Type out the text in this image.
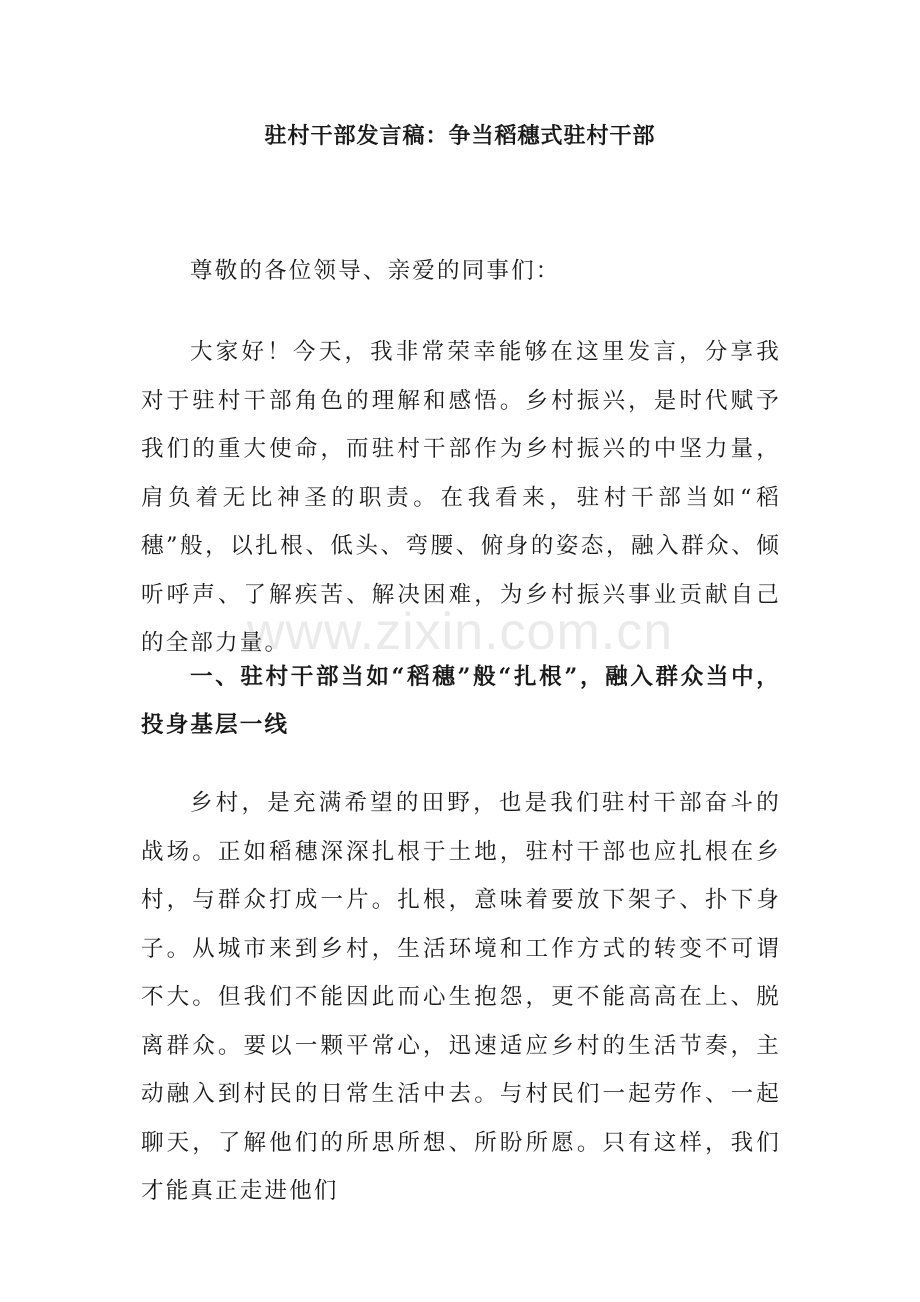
驻村干部发言稿：争当稻穗式驻村干部

尊敬的各位领导、亲爱的同事们：

大家好！今天，我非常荣幸能够在这里发言，分享我对于驻村干部角色的理解和感悟。乡村振兴，是时代赋予我们的重大使命，而驻村干部作为乡村振兴的中坚力量，肩负着无比神圣的职责。在我看来，驻村干部当如“稻穗”般，以扎根、低头、弯腰、俯身的姿态，融入群众、倾听呼声、了解疾苦、解决困难，为乡村振兴事业贡献自己的全部力量。

www.zixin.com.cn

一、驻村干部当如“稻穗”般“扎根”，融入群众当中，投身基层一线

乡村，是充满希望的田野，也是我们驻村干部奋斗的战场。正如稻穗深深扎根于土地，驻村干部也应扎根在乡村，与群众打成一片。扎根，意味着要放下架子、扑下身子。从城市来到乡村，生活环境和工作方式的转变不可谓不大。但我们不能因此而心生抱怨，更不能高高在上、脱离群众。要以一颗平常心，迅速适应乡村的生活节奏，主动融入到村民的日常生活中去。与村民们一起劳作、一起聊天，了解他们的所思所想、所盼所愿。只有这样，我们才能真正走进他们
